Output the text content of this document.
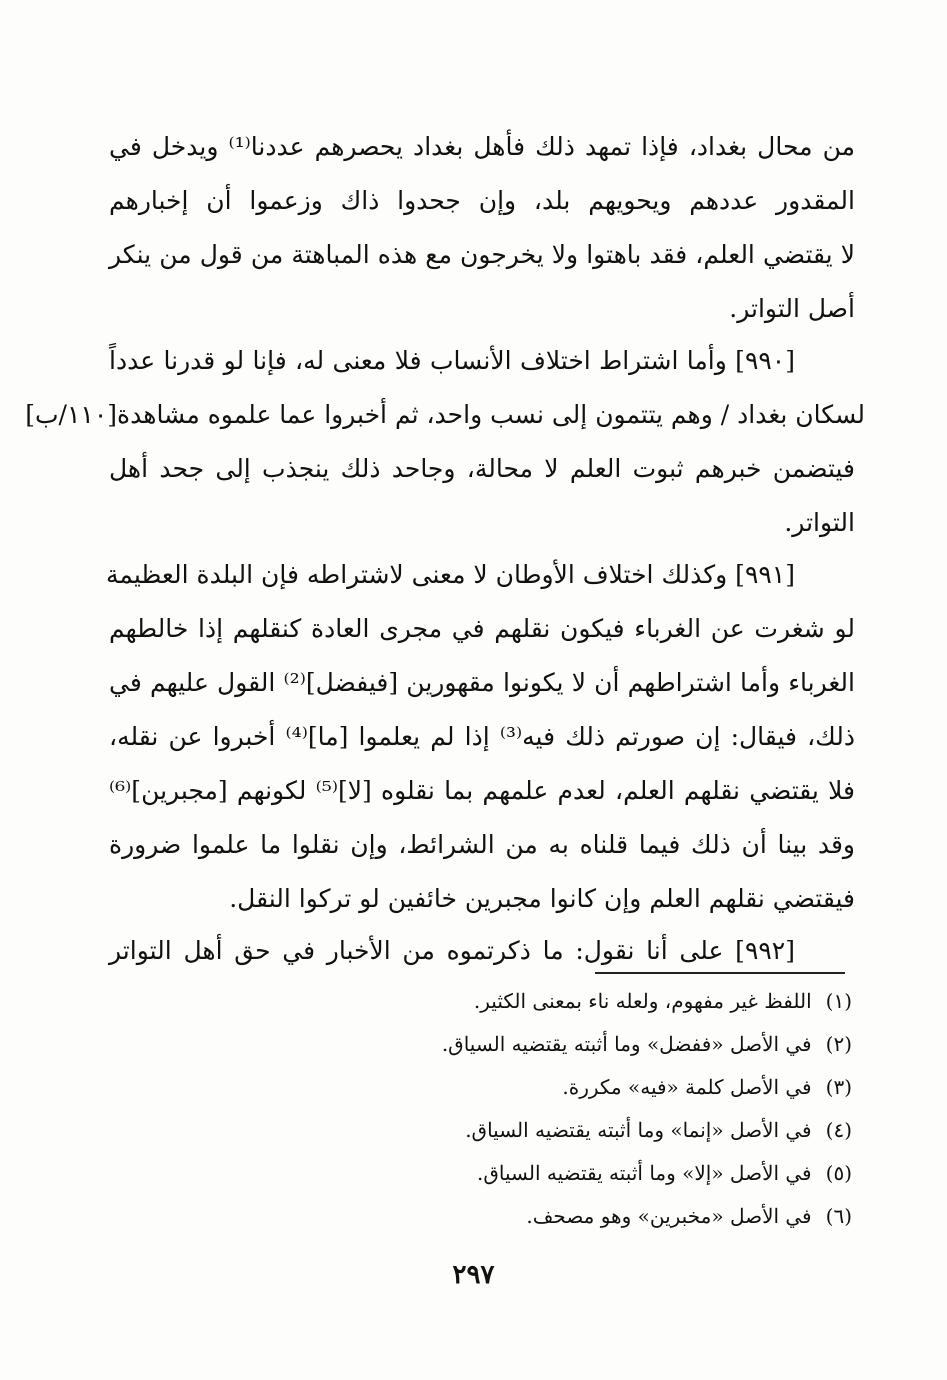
من محال بغداد، فإذا تمهد ذلك فأهل بغداد يحصرهم عددنا⁽¹⁾ ويدخل في
المقدور عددهم ويحويهم بلد، وإن جحدوا ذاك وزعموا أن إخبارهم
لا يقتضي العلم، فقد باهتوا ولا يخرجون مع هذه المباهتة من قول من ينكر
أصل التواتر.
[٩٩٠] وأما اشتراط اختلاف الأنساب فلا معنى له، فإنا لو قدرنا عدداً
لسكان بغداد / وهم يتتمون إلى نسب واحد، ثم أخبروا عما علموه مشاهدة[١١٠/ب]
فيتضمن خبرهم ثبوت العلم لا محالة، وجاحد ذلك ينجذب إلى جحد أهل
التواتر.
[٩٩١] وكذلك اختلاف الأوطان لا معنى لاشتراطه فإن البلدة العظيمة
لو شغرت عن الغرباء فيكون نقلهم في مجرى العادة كنقلهم إذا خالطهم
الغرباء وأما اشتراطهم أن لا يكونوا مقهورين [فيفضل]⁽²⁾ القول عليهم في
ذلك، فيقال: إن صورتم ذلك فيه⁽³⁾ إذا لم يعلموا [ما]⁽⁴⁾ أخبروا عن نقله،
فلا يقتضي نقلهم العلم، لعدم علمهم بما نقلوه [لا]⁽⁵⁾ لكونهم [مجبرين]⁽⁶⁾
وقد بينا أن ذلك فيما قلناه به من الشرائط، وإن نقلوا ما علموا ضرورة
فيقتضي نقلهم العلم وإن كانوا مجبرين خائفين لو تركوا النقل.
[٩٩٢] على أنا نقول: ما ذكرتموه من الأخبار في حق أهل التواتر
(١)اللفظ غير مفهوم، ولعله ناء بمعنى الكثير.
(٢)في الأصل «ففضل» وما أثبته يقتضيه السياق.
(٣)في الأصل كلمة «فيه» مكررة.
(٤)في الأصل «إنما» وما أثبته يقتضيه السياق.
(٥)في الأصل «إلا» وما أثبته يقتضيه السياق.
(٦)في الأصل «مخبرين» وهو مصحف.
٢٩٧
